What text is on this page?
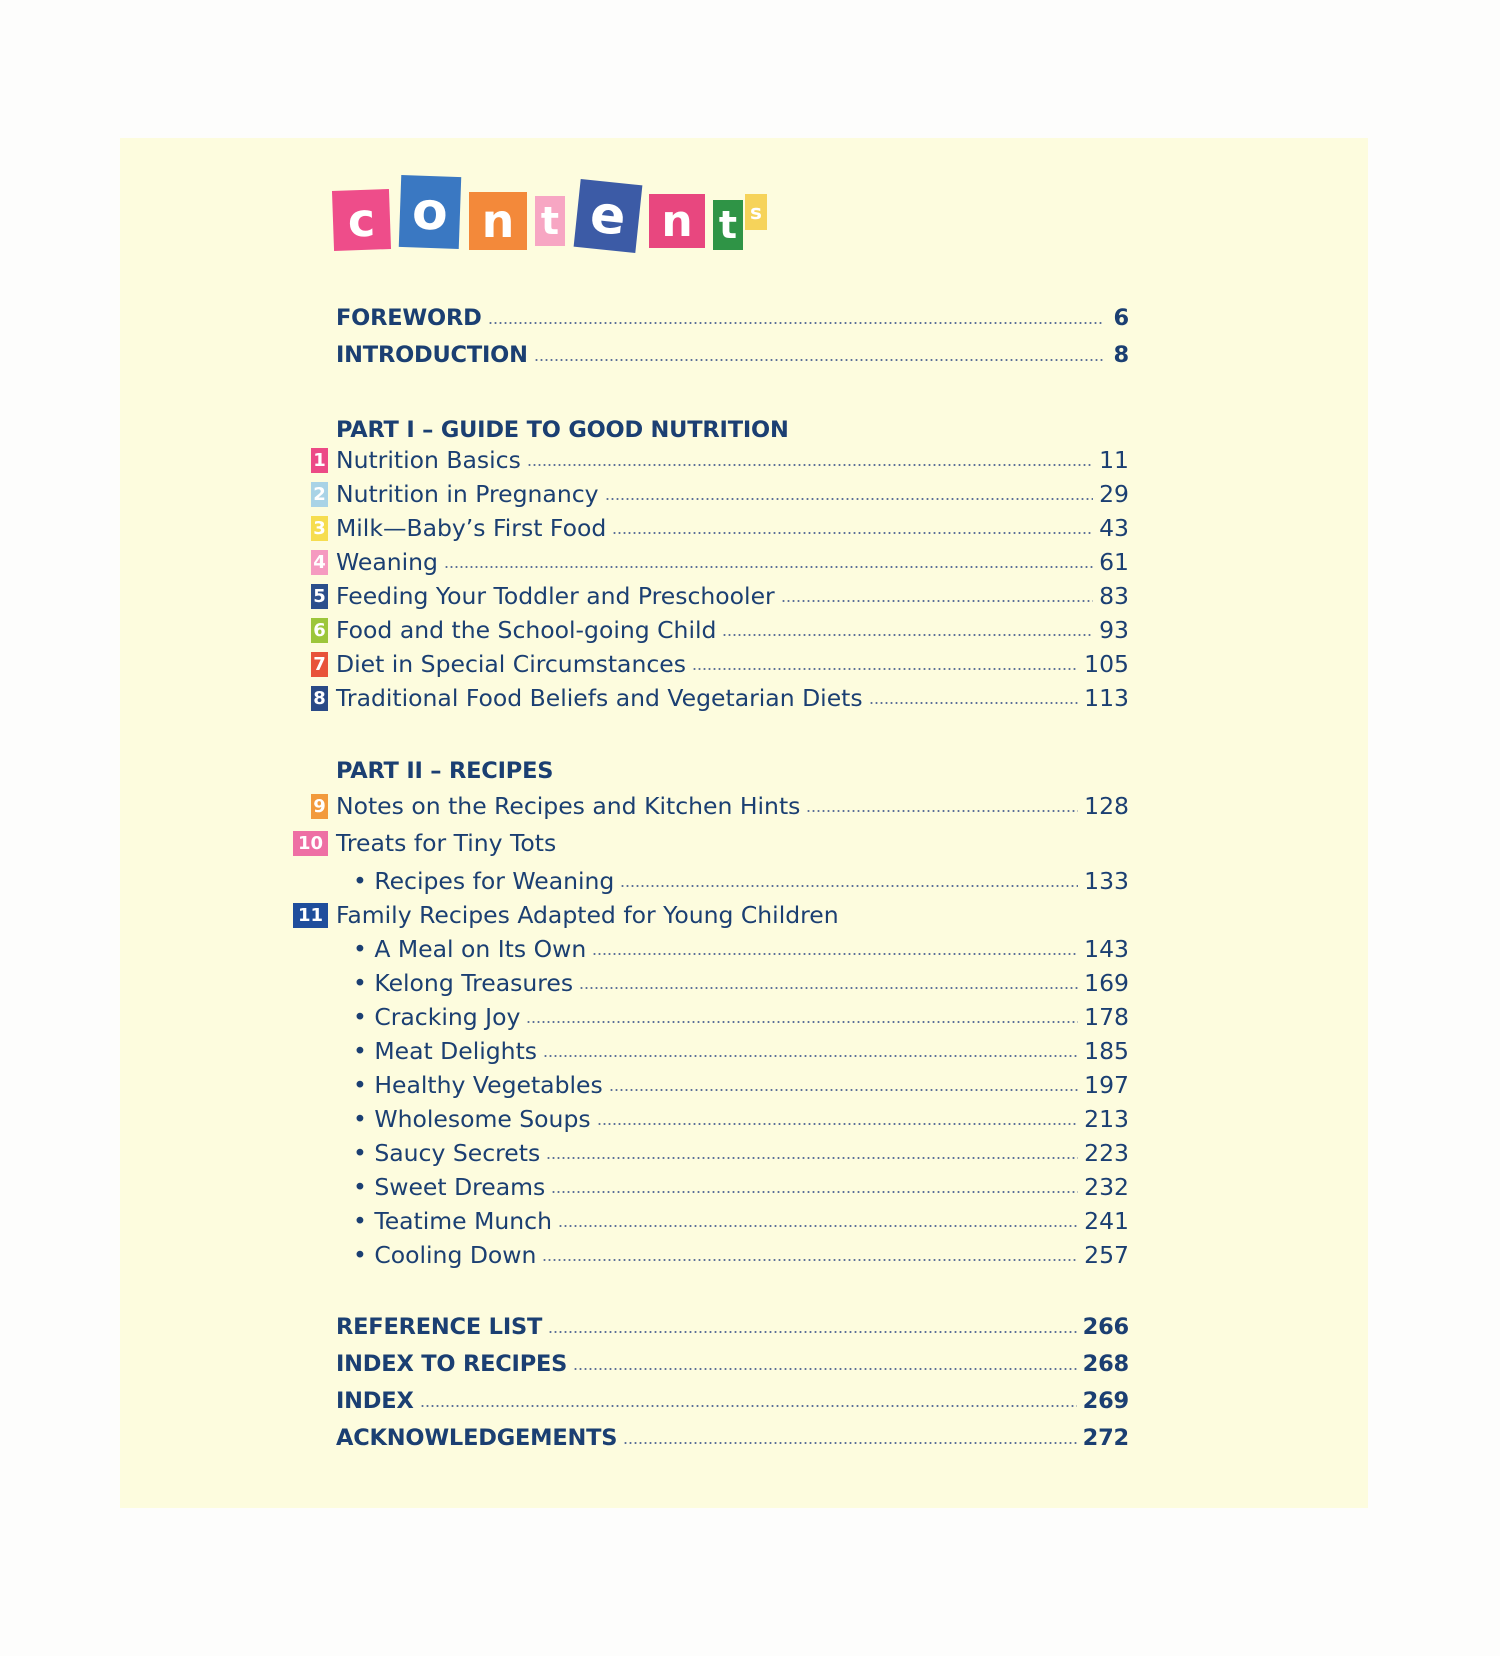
c o n t e n t s
FOREWORD	6
INTRODUCTION	8
PART I – GUIDE TO GOOD NUTRITION
1 Nutrition Basics	11
2 Nutrition in Pregnancy	29
3 Milk—Baby’s First Food	43
4 Weaning	61
5 Feeding Your Toddler and Preschooler	83
6 Food and the School-going Child	93
7 Diet in Special Circumstances	105
8 Traditional Food Beliefs and Vegetarian Diets	113
PART II – RECIPES
9 Notes on the Recipes and Kitchen Hints	128
10 Treats for Tiny Tots
• Recipes for Weaning	133
11 Family Recipes Adapted for Young Children
• A Meal on Its Own	143
• Kelong Treasures	169
• Cracking Joy	178
• Meat Delights	185
• Healthy Vegetables	197
• Wholesome Soups	213
• Saucy Secrets	223
• Sweet Dreams	232
• Teatime Munch	241
• Cooling Down	257
REFERENCE LIST	266
INDEX TO RECIPES	268
INDEX	269
ACKNOWLEDGEMENTS	272
